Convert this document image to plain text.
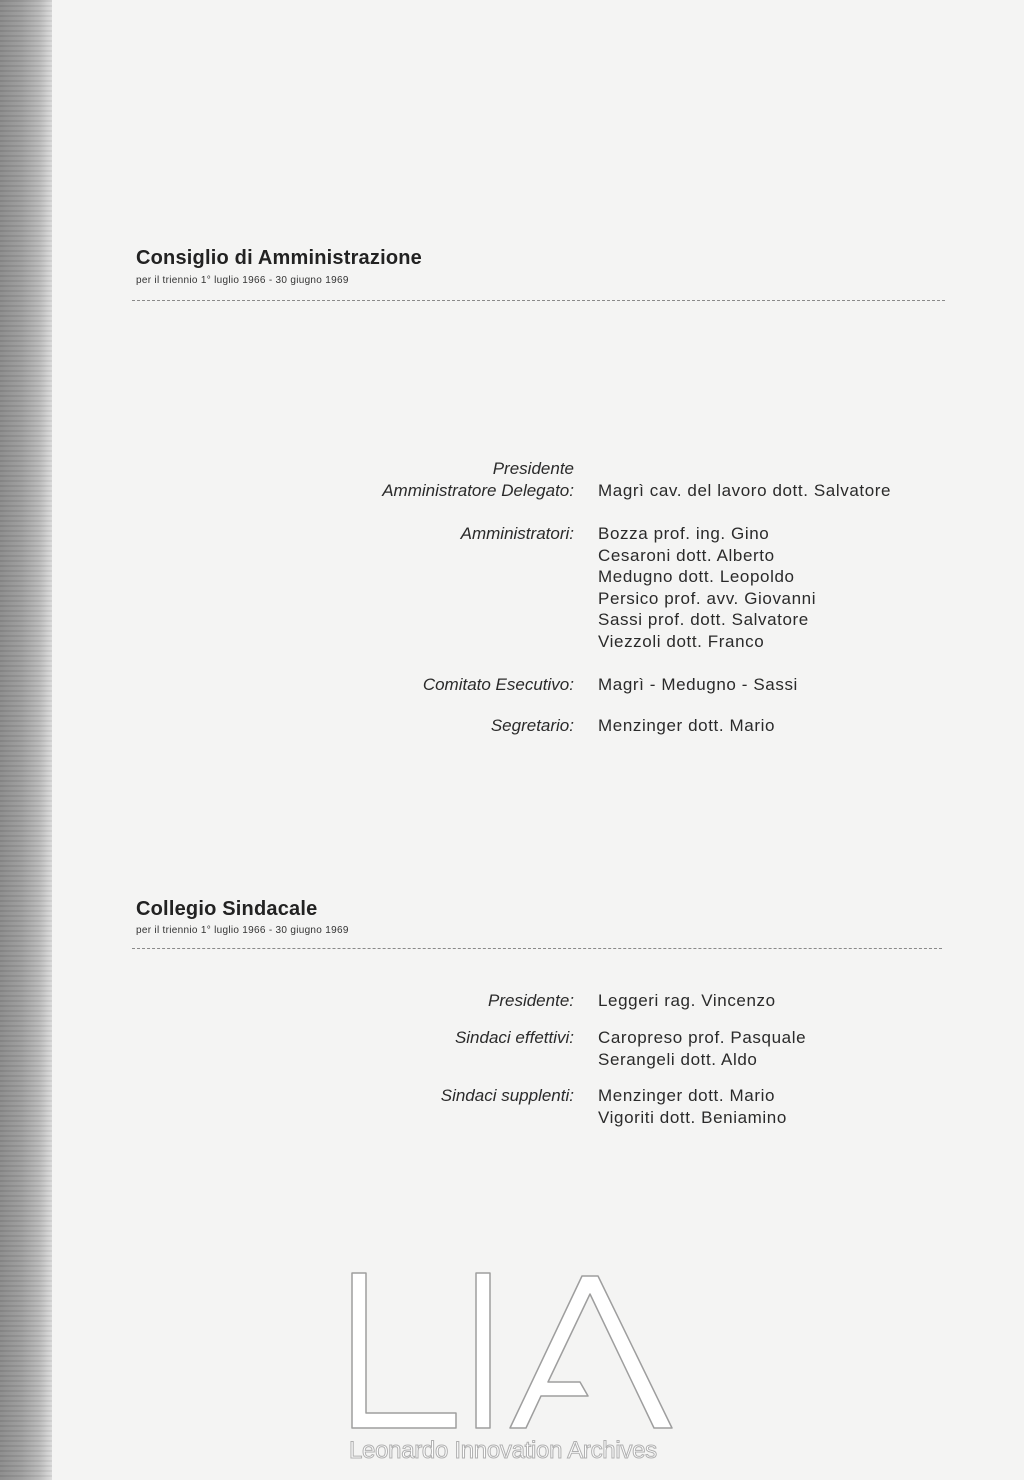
Consiglio di Amministrazione
per il triennio 1° luglio 1966 - 30 giugno 1969
Presidente
Amministratore Delegato: Magrì cav. del lavoro dott. Salvatore
Amministratori: Bozza prof. ing. Gino
Cesaroni dott. Alberto
Medugno dott. Leopoldo
Persico prof. avv. Giovanni
Sassi prof. dott. Salvatore
Viezzoli dott. Franco
Comitato Esecutivo: Magrì - Medugno - Sassi
Segretario: Menzinger dott. Mario
Collegio Sindacale
per il triennio 1° luglio 1966 - 30 giugno 1969
Presidente: Leggeri rag. Vincenzo
Sindaci effettivi: Caropreso prof. Pasquale
Serangeli dott. Aldo
Sindaci supplenti: Menzinger dott. Mario
Vigoriti dott. Beniamino
Leonardo Innovation Archives
